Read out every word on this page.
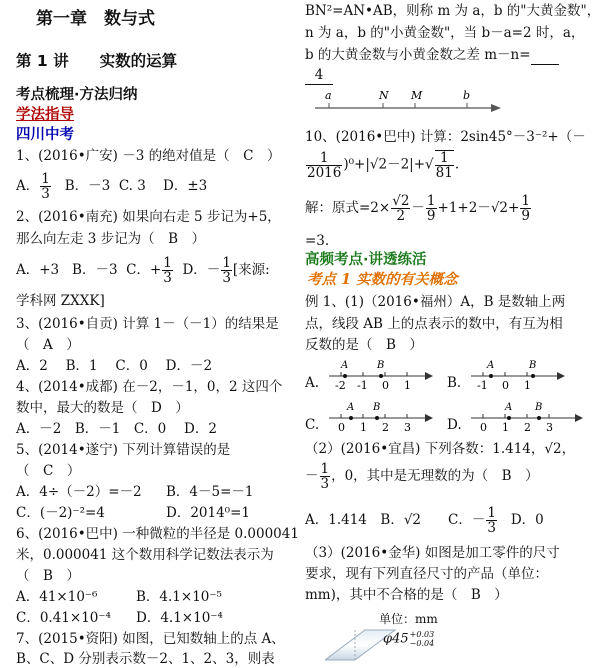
第一章　数与式
第 1 讲　　实数的运算
考点梳理·方法归纳
学法指导
四川中考
1、(2016•广安) －3 的绝对值是（　C　）
A． $\frac{1}{3}$ B．－3 C. 3 D．±3
2、(2016•南充) 如果向右走 5 步记为+5，
那么向左走 3 步记为（　B　）
A．+3 B．－3 C．+ $\frac{1}{3}$ D．－ $\frac{1}{3}$ [来源:
学科网 ZXXK]
3、(2016•自贡) 计算 1－（－1）的结果是
（　A　）
A．2　 B．1　 C．0　 D．－2
4、(2014•成都) 在－2，－1，0，2 这四个
数中，最大的数是（　D　）
A．－2　B．－1　C．0　 D．2
5、(2014•遂宁) 下列计算错误的是
（　C　）
A．4÷（－2）=－2 B．4－5=－1
C．(－2)⁻²=4	D．2014⁰=1
6、(2016•巴中) 一种微粒的半径是 0.000041
米，0.000041 这个数用科学记数法表示为
（　B　）
A．41×10⁻⁶	B．4.1×10⁻⁵
C．0.41×10⁻⁴ D．4.1×10⁻⁴
7、(2015•资阳) 如图，已知数轴上的点 A、
B、C、D 分别表示数－2、1、2、3，则表
BN²=AN•AB，则称 m 为 a，b 的"大黄金数"，
n 为 a，b 的"小黄金数"，当 b－a=2 时，a，
b 的大黄金数与小黄金数之差 m－n=
4
a	N M	b
10、(2016•巴中) 计算：2sin45°－3⁻²+（－
$\frac{1}{2016} )^0+|√2-2|+√ \frac{1}{81}$ .
解：原式$=2\times \frac{√2}{2} - \frac{1}{9} +1+2-√2+ \frac{1}{9}$
=3.
高频考点·讲透练活
考点 1 实数的有关概念
例 1、(1)（2016•福州）A，B 是数轴上两
点，线段 AB 上的点表示的数中，有互为相
反数的是（　B　）
A.
A	B
-2 -1 0 1	B.
A	B
-1 0 1
C.
A B
0 1 2 3	D.
A B
0 1 2 3
（2）(2016•宜昌) 下列各数：1.414，√2，
－ $\frac{1}{3}$ ，0，其中是无理数的为（　B　）
A．1.414　B．√2　　C．－ $\frac{1}{3}$ D．0
（3）(2016•金华) 如图是加工零件的尺寸
要求，现有下列直径尺寸的产品（单位：
mm)，其中不合格的是（　B　）
单位：mm
φ45 +0.03
−0.04
